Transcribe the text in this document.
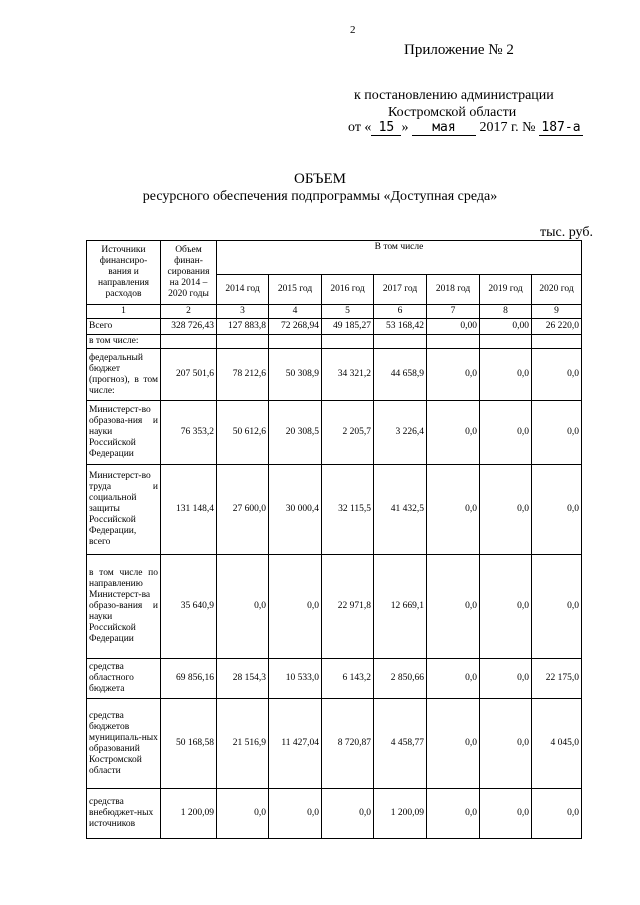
2
Приложение № 2
к постановлению администрации
Костромской области
от « 15 » мая 2017 г. № 187-а
ОБЪЕМ
ресурсного обеспечения подпрограммы «Доступная среда»
тыс. руб.
Источники финансиро-вания и направления расходов	Объем финан-сирования на 2014 – 2020 годы	В том числе						
		2014 год	2015 год	2016 год	2017 год	2018 год	2019 год	2020 год
1	2	3	4	5	6	7	8	9
Всего	328 726,43	127 883,8	72 268,94	49 185,27	53 168,42	0,00	0,00	26 220,0
в том числе:								
федеральный бюджет (прогноз), в том числе:	207 501,6	78 212,6	50 308,9	34 321,2	44 658,9	0,0	0,0	0,0
Министерст-во образова-ния и науки Российской Федерации	76 353,2	50 612,6	20 308,5	2 205,7	3 226,4	0,0	0,0	0,0
Министерст-во труда и социальной защиты Российской Федерации, всего	131 148,4	27 600,0	30 000,4	32 115,5	41 432,5	0,0	0,0	0,0
в том числе по направлению Министерст-ва образо-вания и науки Российской Федерации	35 640,9	0,0	0,0	22 971,8	12 669,1	0,0	0,0	0,0
средства областного бюджета	69 856,16	28 154,3	10 533,0	6 143,2	2 850,66	0,0	0,0	22 175,0
средства бюджетов муниципаль-ных образований Костромской области	50 168,58	21 516,9	11 427,04	8 720,87	4 458,77	0,0	0,0	4 045,0
средства внебюджет-ных источников	1 200,09	0,0	0,0	0,0	1 200,09	0,0	0,0	0,0
